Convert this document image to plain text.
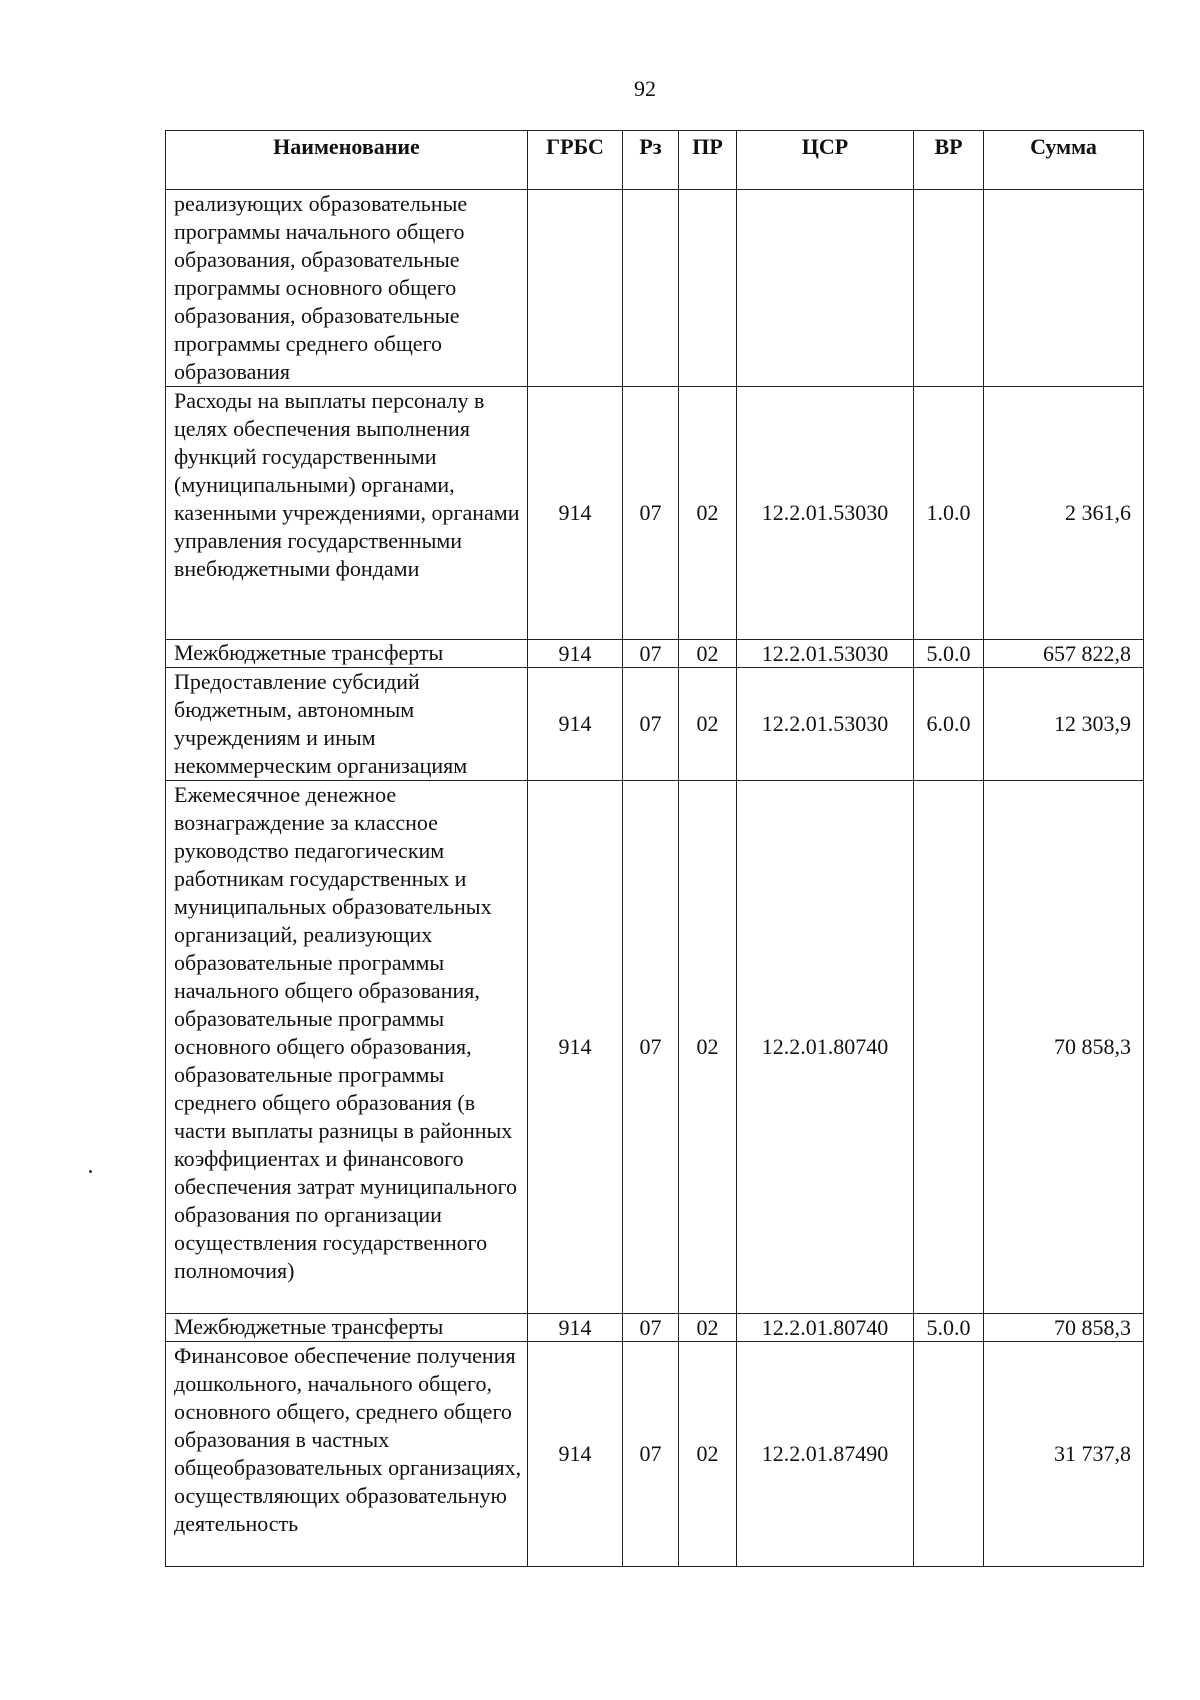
92
Наименование	ГРБС	Рз	ПР	ЦСР	ВР	Сумма
реализующих образовательные программы начального общего образования, образовательные программы основного общего образования, образовательные программы среднего общего образования						
Расходы на выплаты персоналу в целях обеспечения выполнения функций государственными (муниципальными) органами, казенными учреждениями, органами управления государственными внебюджетными фондами	914	07	02	12.2.01.53030	1.0.0	2 361,6
Межбюджетные трансферты	914	07	02	12.2.01.53030	5.0.0	657 822,8
Предоставление субсидий бюджетным, автономным учреждениям и иным некоммерческим организациям	914	07	02	12.2.01.53030	6.0.0	12 303,9
Ежемесячное денежное вознаграждение за классное руководство педагогическим работникам государственных и муниципальных образовательных организаций, реализующих образовательные программы начального общего образования, образовательные программы основного общего образования, образовательные программы среднего общего образования (в части выплаты разницы в районных коэффициентах и финансового обеспечения затрат муниципального образования по организации осуществления государственного полномочия)	914	07	02	12.2.01.80740		70 858,3
Межбюджетные трансферты	914	07	02	12.2.01.80740	5.0.0	70 858,3
Финансовое обеспечение получения дошкольного, начального общего, основного общего, среднего общего образования в частных общеобразовательных организациях, осуществляющих образовательную деятельность	914	07	02	12.2.01.87490		31 737,8
